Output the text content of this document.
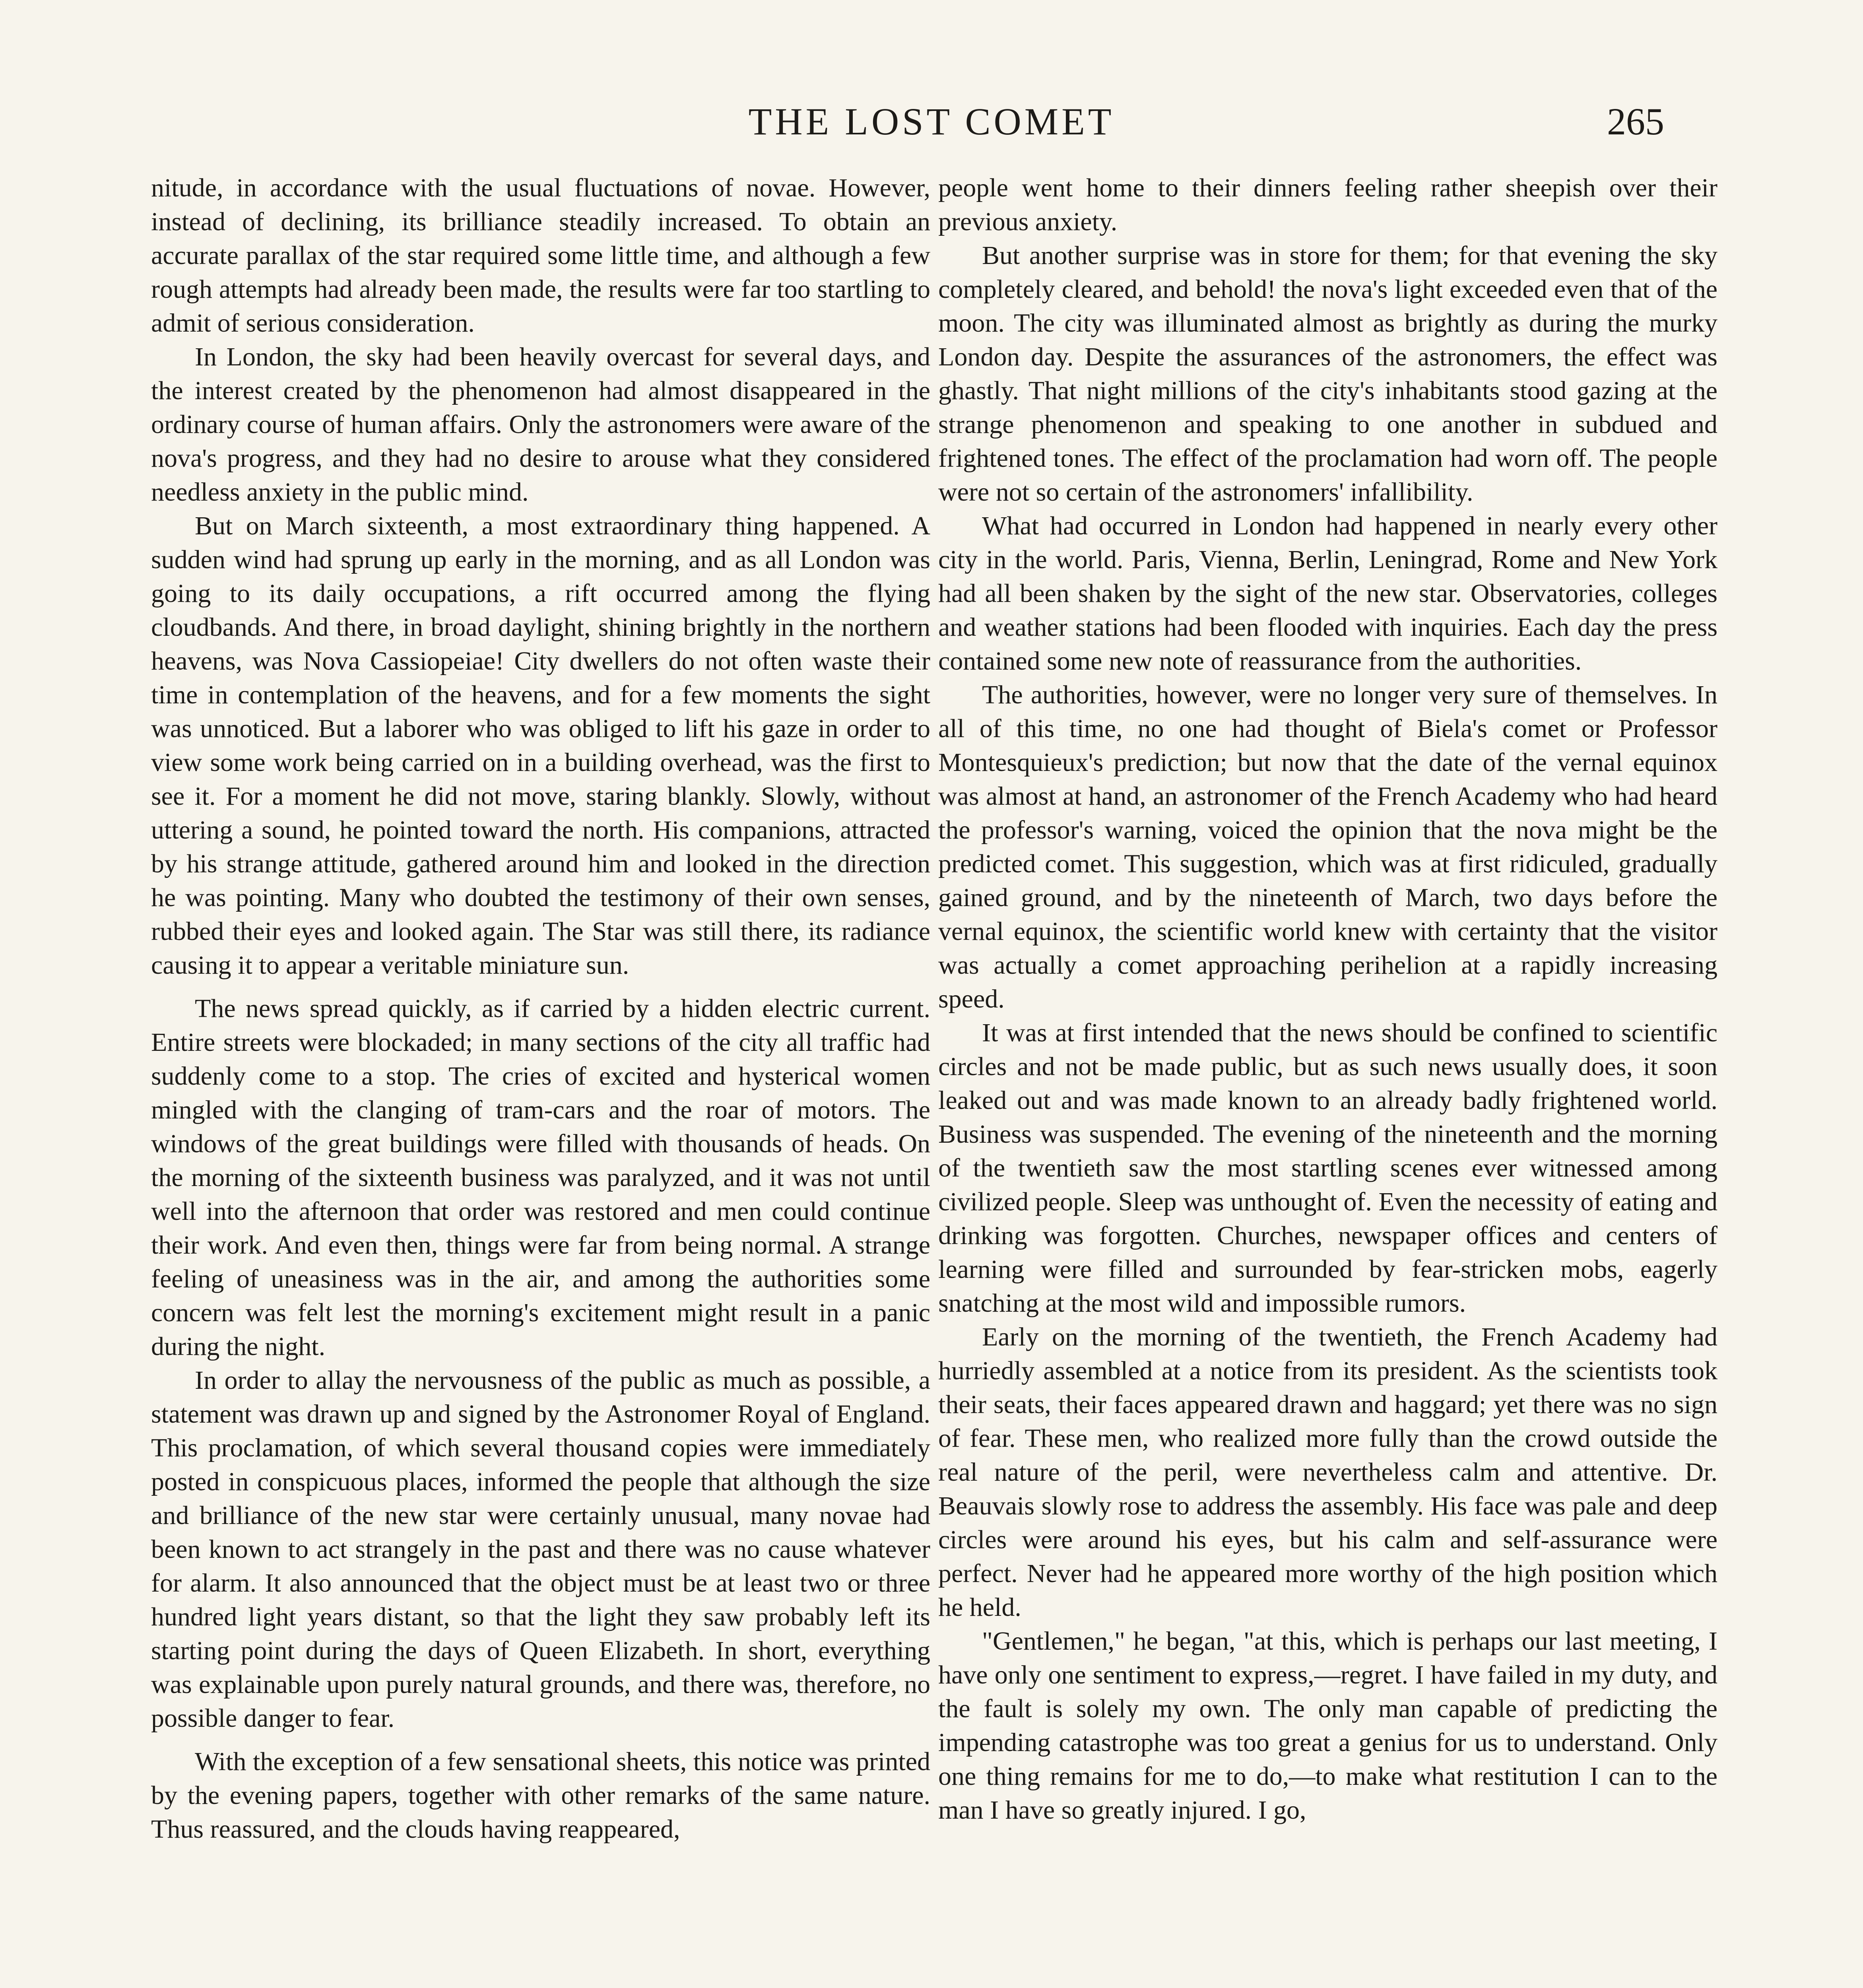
THE LOST COMET	265

nitude, in accordance with the usual fluctuations of novae. However, instead of declining, its brilliance steadily increased. To obtain an accurate parallax of the star required some little time, and although a few rough attempts had already been made, the results were far too startling to admit of serious consideration.

In London, the sky had been heavily overcast for several days, and the interest created by the phenomenon had almost disappeared in the ordinary course of human affairs. Only the astronomers were aware of the nova's progress, and they had no desire to arouse what they considered needless anxiety in the public mind.

But on March sixteenth, a most extraordinary thing happened. A sudden wind had sprung up early in the morning, and as all London was going to its daily occupations, a rift occurred among the flying cloudbands. And there, in broad daylight, shining brightly in the northern heavens, was Nova Cassiopeiae! City dwellers do not often waste their time in contemplation of the heavens, and for a few moments the sight was unnoticed. But a laborer who was obliged to lift his gaze in order to view some work being carried on in a building overhead, was the first to see it. For a moment he did not move, staring blankly. Slowly, without uttering a sound, he pointed toward the north. His companions, attracted by his strange attitude, gathered around him and looked in the direction he was pointing. Many who doubted the testimony of their own senses, rubbed their eyes and looked again. The Star was still there, its radiance causing it to appear a veritable miniature sun.

The news spread quickly, as if carried by a hidden electric current. Entire streets were blockaded; in many sections of the city all traffic had suddenly come to a stop. The cries of excited and hysterical women mingled with the clanging of tram-cars and the roar of motors. The windows of the great buildings were filled with thousands of heads. On the morning of the sixteenth business was paralyzed, and it was not until well into the afternoon that order was restored and men could continue their work. And even then, things were far from being normal. A strange feeling of uneasiness was in the air, and among the authorities some concern was felt lest the morning's excitement might result in a panic during the night.

In order to allay the nervousness of the public as much as possible, a statement was drawn up and signed by the Astronomer Royal of England. This proclamation, of which several thousand copies were immediately posted in conspicuous places, informed the people that although the size and brilliance of the new star were certainly unusual, many novae had been known to act strangely in the past and there was no cause whatever for alarm. It also announced that the object must be at least two or three hundred light years distant, so that the light they saw probably left its starting point during the days of Queen Elizabeth. In short, everything was explainable upon purely natural grounds, and there was, therefore, no possible danger to fear.

With the exception of a few sensational sheets, this notice was printed by the evening papers, together with other remarks of the same nature. Thus reassured, and the clouds having reappeared,

people went home to their dinners feeling rather sheepish over their previous anxiety.

But another surprise was in store for them; for that evening the sky completely cleared, and behold! the nova's light exceeded even that of the moon. The city was illuminated almost as brightly as during the murky London day. Despite the assurances of the astronomers, the effect was ghastly. That night millions of the city's inhabitants stood gazing at the strange phenomenon and speaking to one another in subdued and frightened tones. The effect of the proclamation had worn off. The people were not so certain of the astronomers' infallibility.

What had occurred in London had happened in nearly every other city in the world. Paris, Vienna, Berlin, Leningrad, Rome and New York had all been shaken by the sight of the new star. Observatories, colleges and weather stations had been flooded with inquiries. Each day the press contained some new note of reassurance from the authorities.

The authorities, however, were no longer very sure of themselves. In all of this time, no one had thought of Biela's comet or Professor Montesquieux's prediction; but now that the date of the vernal equinox was almost at hand, an astronomer of the French Academy who had heard the professor's warning, voiced the opinion that the nova might be the predicted comet. This suggestion, which was at first ridiculed, gradually gained ground, and by the nineteenth of March, two days before the vernal equinox, the scientific world knew with certainty that the visitor was actually a comet approaching perihelion at a rapidly increasing speed.

It was at first intended that the news should be confined to scientific circles and not be made public, but as such news usually does, it soon leaked out and was made known to an already badly frightened world. Business was suspended. The evening of the nineteenth and the morning of the twentieth saw the most startling scenes ever witnessed among civilized people. Sleep was unthought of. Even the necessity of eating and drinking was forgotten. Churches, newspaper offices and centers of learning were filled and surrounded by fear-stricken mobs, eagerly snatching at the most wild and impossible rumors.

Early on the morning of the twentieth, the French Academy had hurriedly assembled at a notice from its president. As the scientists took their seats, their faces appeared drawn and haggard; yet there was no sign of fear. These men, who realized more fully than the crowd outside the real nature of the peril, were nevertheless calm and attentive. Dr. Beauvais slowly rose to address the assembly. His face was pale and deep circles were around his eyes, but his calm and self-assurance were perfect. Never had he appeared more worthy of the high position which he held.

"Gentlemen," he began, "at this, which is perhaps our last meeting, I have only one sentiment to express,—regret. I have failed in my duty, and the fault is solely my own. The only man capable of predicting the impending catastrophe was too great a genius for us to understand. Only one thing remains for me to do,—to make what restitution I can to the man I have so greatly injured. I go,
